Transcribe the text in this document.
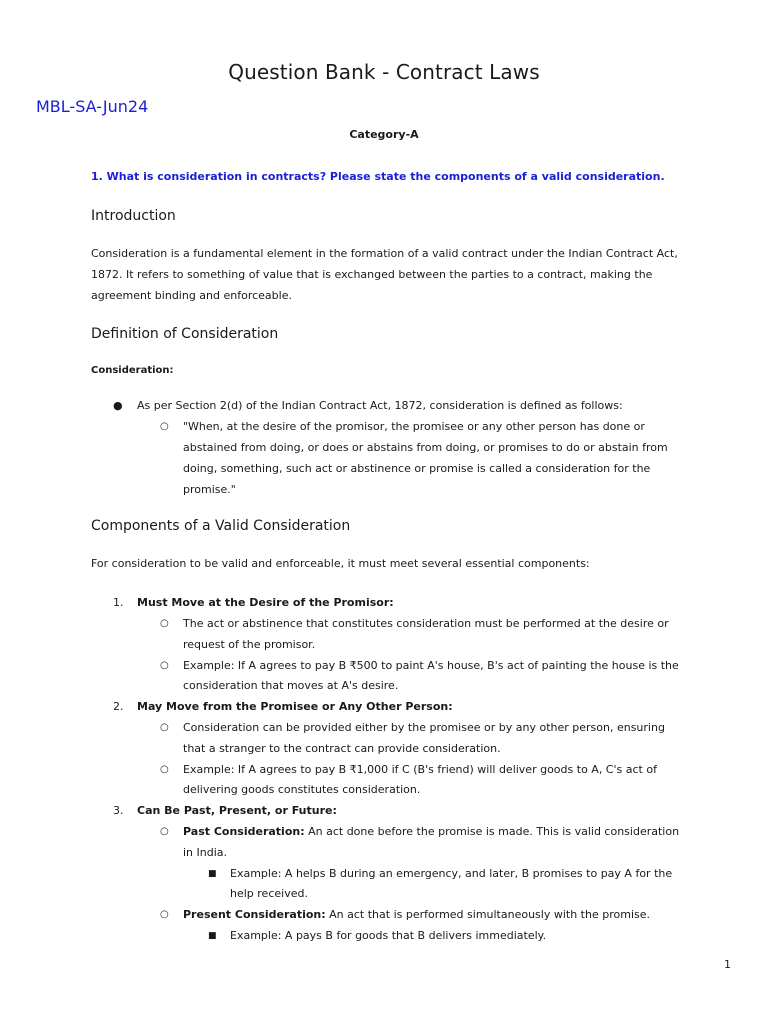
Question Bank - Contract Laws
MBL-SA-Jun24
Category-A
1. What is consideration in contracts? Please state the components of a valid consideration.
Introduction

Consideration is a fundamental element in the formation of a valid contract under the Indian Contract Act, 1872. It refers to something of value that is exchanged between the parties to a contract, making the agreement binding and enforceable.

Definition of Consideration

Consideration:

● As per Section 2(d) of the Indian Contract Act, 1872, consideration is defined as follows:
○ "When, at the desire of the promisor, the promisee or any other person has done or abstained from doing, or does or abstains from doing, or promises to do or abstain from doing, something, such act or abstinence or promise is called a consideration for the promise."
Components of a Valid Consideration

For consideration to be valid and enforceable, it must meet several essential components:

1. Must Move at the Desire of the Promisor:
○ The act or abstinence that constitutes consideration must be performed at the desire or request of the promisor.
○ Example: If A agrees to pay B ₹500 to paint A's house, B's act of painting the house is the consideration that moves at A's desire.
2. May Move from the Promisee or Any Other Person:
○ Consideration can be provided either by the promisee or by any other person, ensuring that a stranger to the contract can provide consideration.
○ Example: If A agrees to pay B ₹1,000 if C (B's friend) will deliver goods to A, C's act of delivering goods constitutes consideration.
3. Can Be Past, Present, or Future:
○ Past Consideration: An act done before the promise is made. This is valid consideration in India.
■ Example: A helps B during an emergency, and later, B promises to pay A for the help received.
○ Present Consideration: An act that is performed simultaneously with the promise.
■ Example: A pays B for goods that B delivers immediately.
1
